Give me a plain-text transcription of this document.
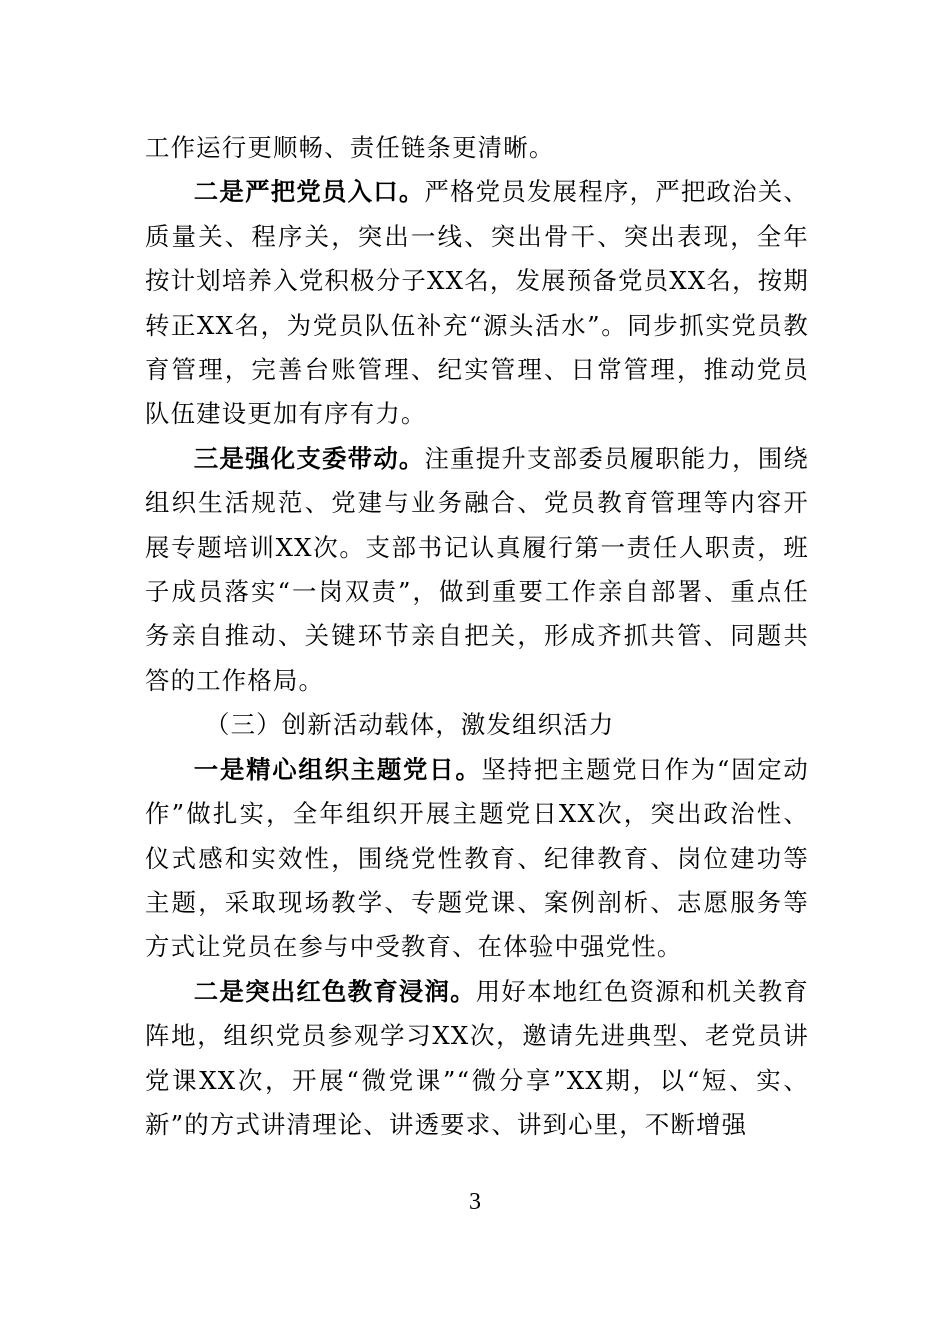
工作运行更顺畅、责任链条更清晰。

二是严把党员入口。严格党员发展程序，严把政治关、质量关、程序关，突出一线、突出骨干、突出表现，全年按计划培养入党积极分子XX名，发展预备党员XX名，按期转正XX名，为党员队伍补充“源头活水”。同步抓实党员教育管理，完善台账管理、纪实管理、日常管理，推动党员队伍建设更加有序有力。

三是强化支委带动。注重提升支部委员履职能力，围绕组织生活规范、党建与业务融合、党员教育管理等内容开展专题培训XX次。支部书记认真履行第一责任人职责，班子成员落实“一岗双责”，做到重要工作亲自部署、重点任务亲自推动、关键环节亲自把关，形成齐抓共管、同题共答的工作格局。

（三）创新活动载体，激发组织活力

一是精心组织主题党日。坚持把主题党日作为“固定动作”做扎实，全年组织开展主题党日XX次，突出政治性、仪式感和实效性，围绕党性教育、纪律教育、岗位建功等主题，采取现场教学、专题党课、案例剖析、志愿服务等方式让党员在参与中受教育、在体验中强党性。

二是突出红色教育浸润。用好本地红色资源和机关教育阵地，组织党员参观学习XX次，邀请先进典型、老党员讲党课XX次，开展“微党课”“微分享”XX期，以“短、实、新”的方式讲清理论、讲透要求、讲到心里，不断增强

3
